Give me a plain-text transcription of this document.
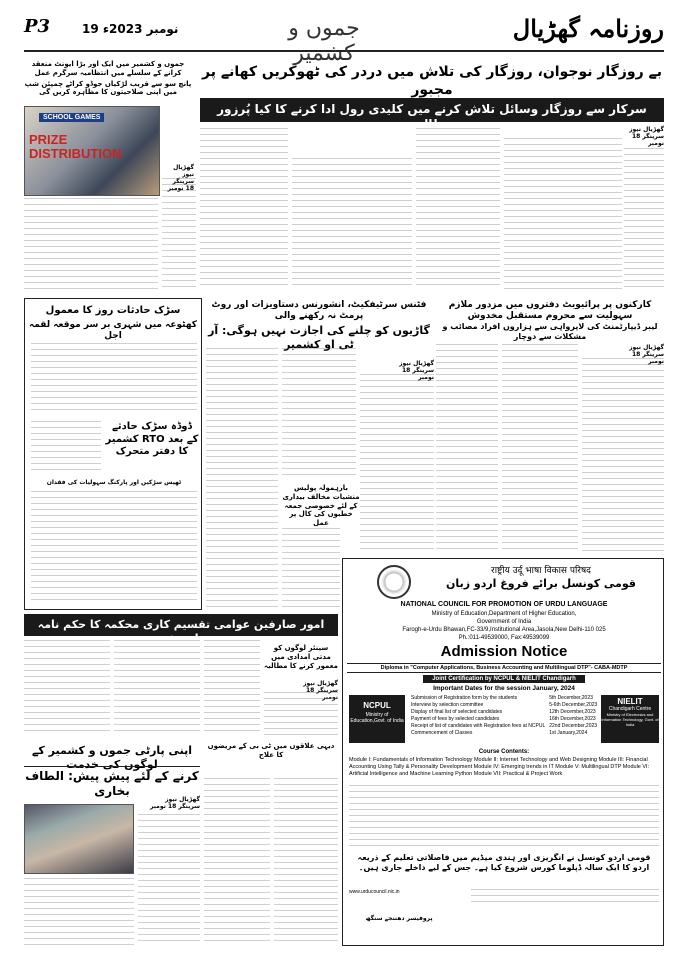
P3	19 نومبر 2023ء	جموں و کشمیر
روزنامہ گھڑیال
جموں و کشمیر میں ایک اور بڑا ایونٹ منعقد کرانے کے سلسلے میں انتظامیہ سرگرم عمل
پانچ سو سے قریب لڑکیاں جوڈو کراٹے چمپئن شپ میں اپنی صلاحیتوں کا مظاہرہ کریں گی
SCHOOL GAMES
PRIZE DISTRIBUTION
گھڑیال نیوز سرینگر 18 نومبر
بے روزگار نوجوان، روزگار کی تلاش میں دردر کی ٹھوکریں کھانے پر مجبور
سرکار سے روزگار وسائل تلاش کرنے میں کلیدی رول ادا کرنے کا کیا پُرزور مطالبہ	گھڑیال نیوز سرینگر 18 نومبر
سڑک حادثات روز کا معمول
کھٹوعہ میں شہری بر سر موقعہ لقمہ اجل
ڈوڈہ سڑک حادثے کے بعد RTO کشمیر کا دفتر متحرک
ٹھیس سڑکیں اور پارکنگ سہولیات کی فقدان
کارکنوں پر پرائیویٹ دفتروں میں مزدور ملازم سہولیت سے محروم مستقبل مخدوش
لیبر ڈیپارٹمنٹ کی لاپرواہی سے ہزاروں افراد مصائب و مشکلات سے دوچار
فٹنس سرٹیفکیٹ، انشورنس دستاویزات اور روٹ پرمٹ نہ رکھنے والی
گاڑیوں کو چلنے کی اجازت نہیں ہوگی: آر ٹی او کشمیر	گھڑیال نیوز سرینگر 18 نومبر
گھڑیال نیوز سرینگر 18 نومبر
بارہمولہ پولیس منشیات مخالف بیداری کے لئے خصوصی جمعہ خطبوں کی کال پر عمل
امور صارفین عوامی تقسیم کاری محکمہ کا حکم نامہ عوام دشمن
سینئر لوگوں کو مدتی امدادی میں معمور کرنے کا مطالبہ
گھڑیال نیوز سرینگر 18 نومبر
اپنی پارٹی جموں و کشمیر کے لوگوں کی خدمت
کرنے کے لئے پیش پیش: الطاف بخاری
گھڑیال نیوز سرینگر 18 نومبر
دیہی علاقوں میں ٹی بی کے مریضوں کا علاج
राष्ट्रीय उर्दू भाषा विकास परिषद
قومی کونسل برائے فروغ اردو زبان
NATIONAL COUNCIL FOR PROMOTION OF URDU LANGUAGE
Ministry of Education,Department of Higher Education,
Government of India
Farogh-e-Urdu Bhawan,FC-33/9,Institutional Area,Jasola,New Delhi-110 025
Ph.:011-49539000, Fax:49539099
Admission Notice
Diploma in "Computer Applications, Business Accounting and Multilingual DTP"- CABA-MDTP
Joint Certification by NCPUL & NIELIT Chandigarh
Important Dates for the session January, 2024
NCPUL
Ministry of Education,Govt. of India
Submission of Registration form by the students	5th December,2023
Interview by selection committee	5-6th December,2023
Display of final list of selected candidates	12th December,2023
Payment of fees by selected candidates	16th December,2023
Receipt of list of candidates with Registration fees at NCPUL	22nd December,2023
Commencement of Classes	1st January,2024
NIELIT
Chandigarh Centre
Ministry of Electronics and Information Technology, Govt. of India
Course Contents:
Module I: Fundamentals of Information Technology Module II: Internet Technology and Web Designing Module III: Financial Accounting Using Tally & Personality Development Module IV: Emerging trends in IT Module V: Multilingual DTP Module VI: Artificial Intelligence and Machine Learning Python Module VII: Practical & Project Work
قومی اردو کونسل نے انگریزی اور ہندی میڈیم میں فاصلاتی تعلیم کے ذریعہ اردو کا ایک سالہ ڈپلوما کورس شروع کیا ہے۔ جس کے لیے داخلے جاری ہیں۔
www.urducouncil.nic.in
پروفیسر دھننجے سنگھ
